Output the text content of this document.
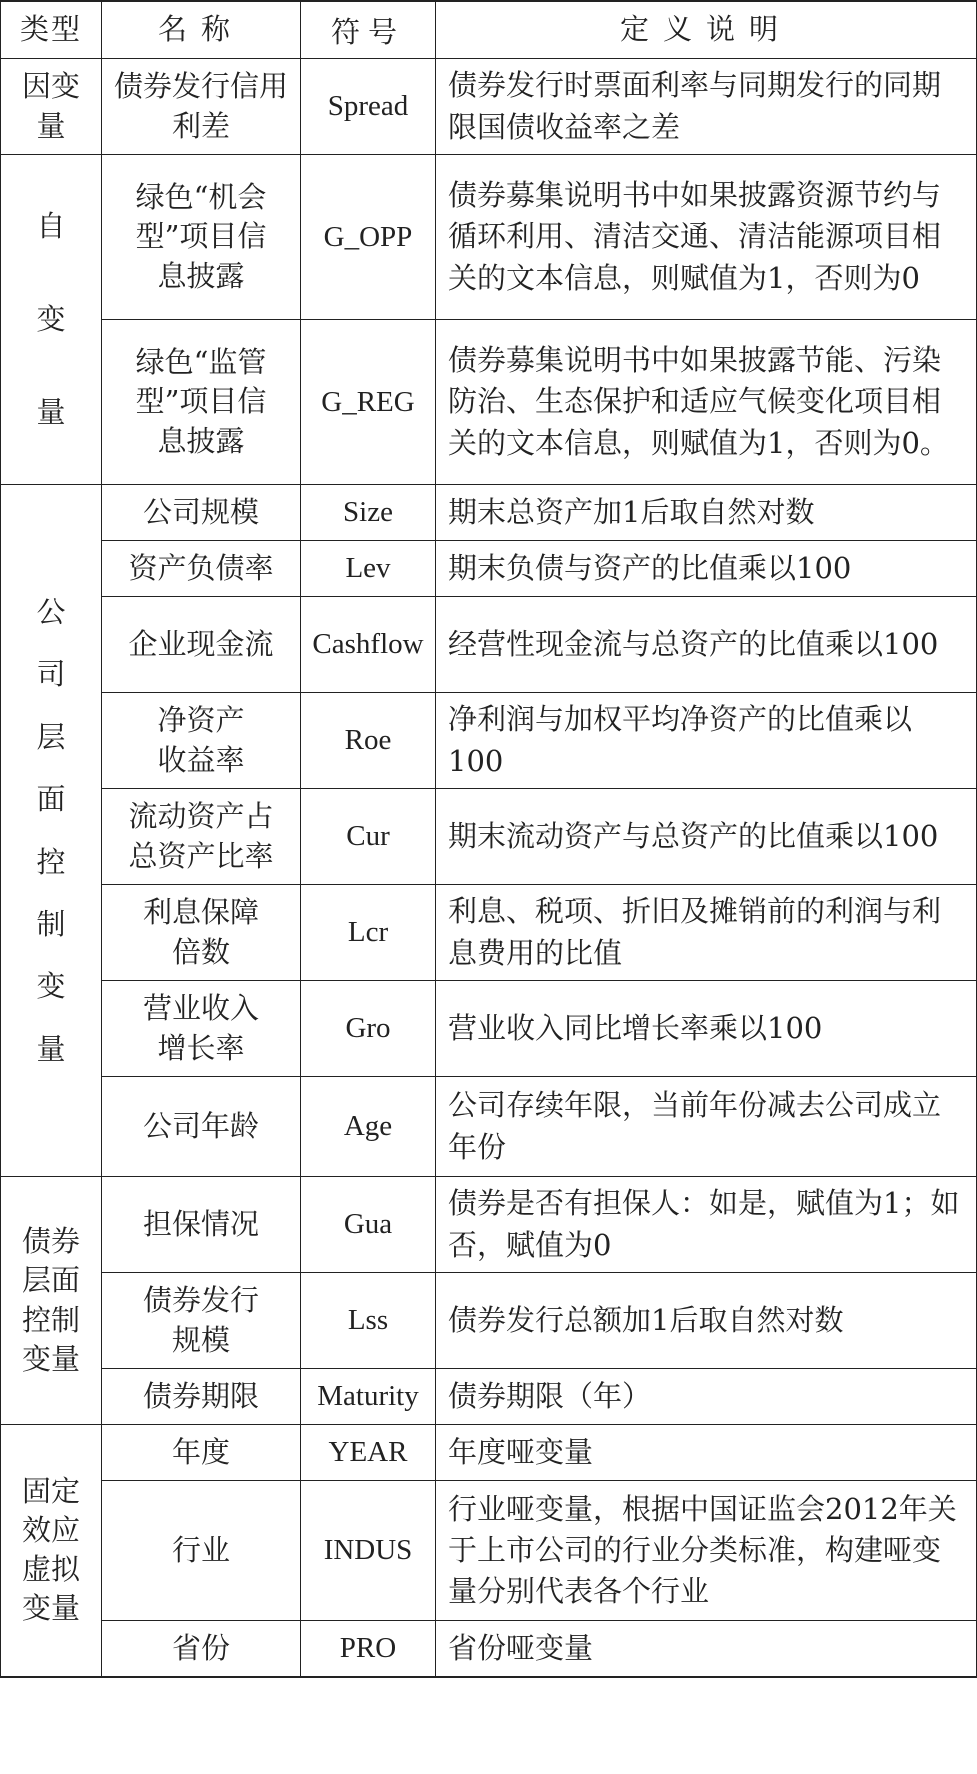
类型	名称	符号	定义说明
因变量	债券发行信用利差	Spread	债券发行时票面利率与同期发行的同期限国债收益率之差
自变量	绿色“机会型”项目信息披露	G_OPP	债券募集说明书中如果披露资源节约与循环利用、清洁交通、清洁能源项目相关的文本信息，则赋值为1，否则为0
	绿色“监管型”项目信息披露	G_REG	债券募集说明书中如果披露节能、污染防治、生态保护和适应气候变化项目相关的文本信息，则赋值为1，否则为0。
公司层面控制变量	公司规模	Size	期末总资产加1后取自然对数
	资产负债率	Lev	期末负债与资产的比值乘以100
	企业现金流	Cashflow	经营性现金流与总资产的比值乘以100
	净资产收益率	Roe	净利润与加权平均净资产的比值乘以100
	流动资产占总资产比率	Cur	期末流动资产与总资产的比值乘以100
	利息保障倍数	Lcr	利息、税项、折旧及摊销前的利润与利息费用的比值
	营业收入增长率	Gro	营业收入同比增长率乘以100
	公司年龄	Age	公司存续年限，当前年份减去公司成立年份
债券层面控制变量	担保情况	Gua	债券是否有担保人：如是，赋值为1；如否，赋值为0
	债券发行规模	Lss	债券发行总额加1后取自然对数
	债券期限	Maturity	债券期限（年）
固定效应虚拟变量	年度	YEAR	年度哑变量
	行业	INDUS	行业哑变量，根据中国证监会2012年关于上市公司的行业分类标准，构建哑变量分别代表各个行业
	省份	PRO	省份哑变量
